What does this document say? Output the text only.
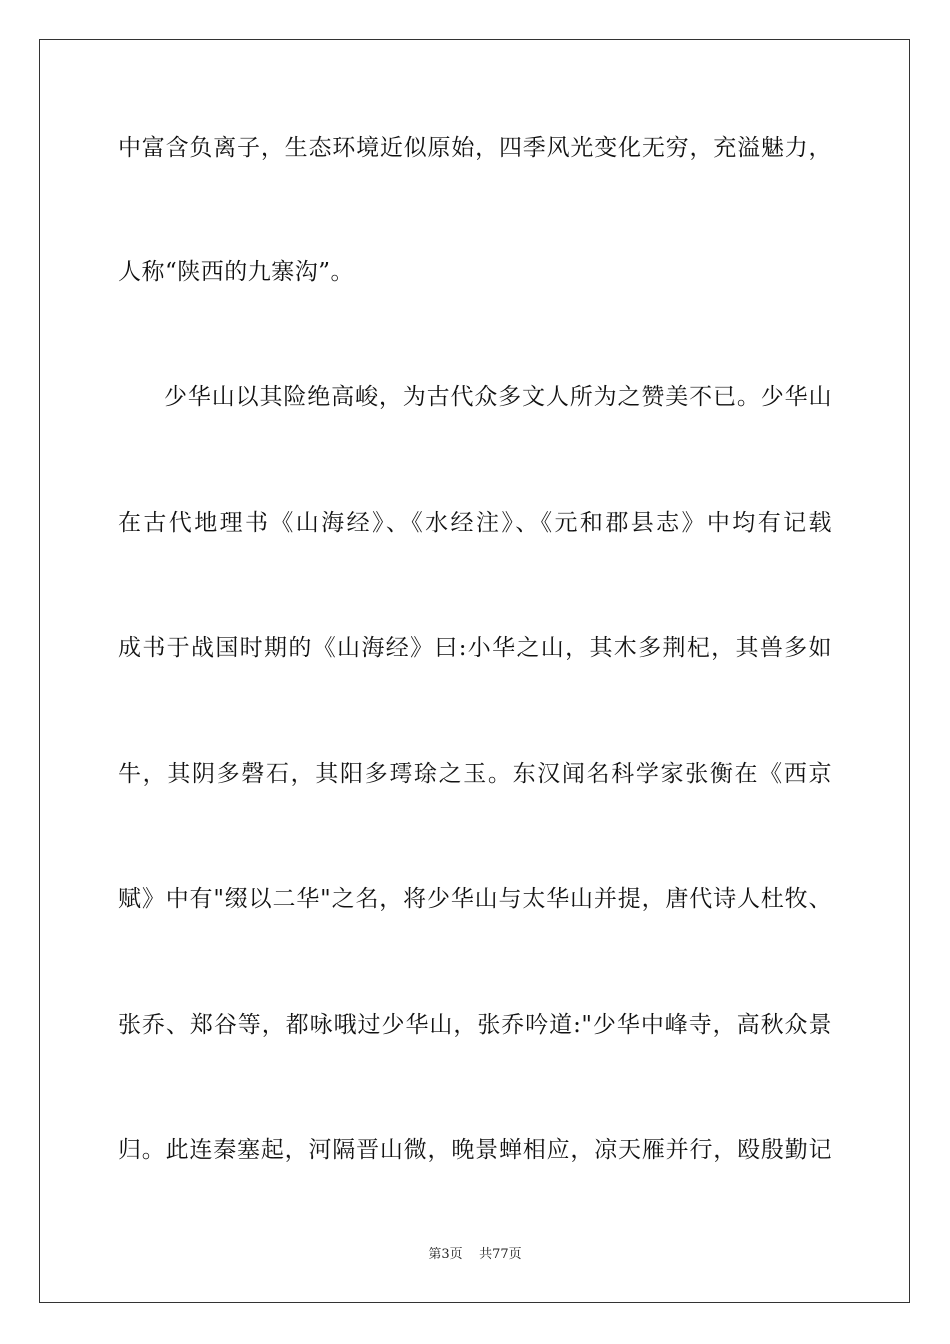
中富含负离子，生态环境近似原始，四季风光变化无穷，充溢魅力，
人称“陕西的九寨沟”。
少华山以其险绝高峻，为古代众多文人所为之赞美不已。少华山
在古代地理书《山海经》、《水经注》、《元和郡县志》中均有记载
成书于战国时期的《山海经》曰:小华之山，其木多荆杞，其兽多如
牛，其阴多磬石，其阳多㻬㻌之玉。东汉闻名科学家张衡在《西京
赋》中有"缀以二华"之名，将少华山与太华山并提，唐代诗人杜牧、
张乔、郑谷等，都咏哦过少华山，张乔吟道:"少华中峰寺，高秋众景
归。此连秦塞起，河隔晋山微，晚景蝉相应，凉天雁并行，殴殷勤记
第3页 共77页
